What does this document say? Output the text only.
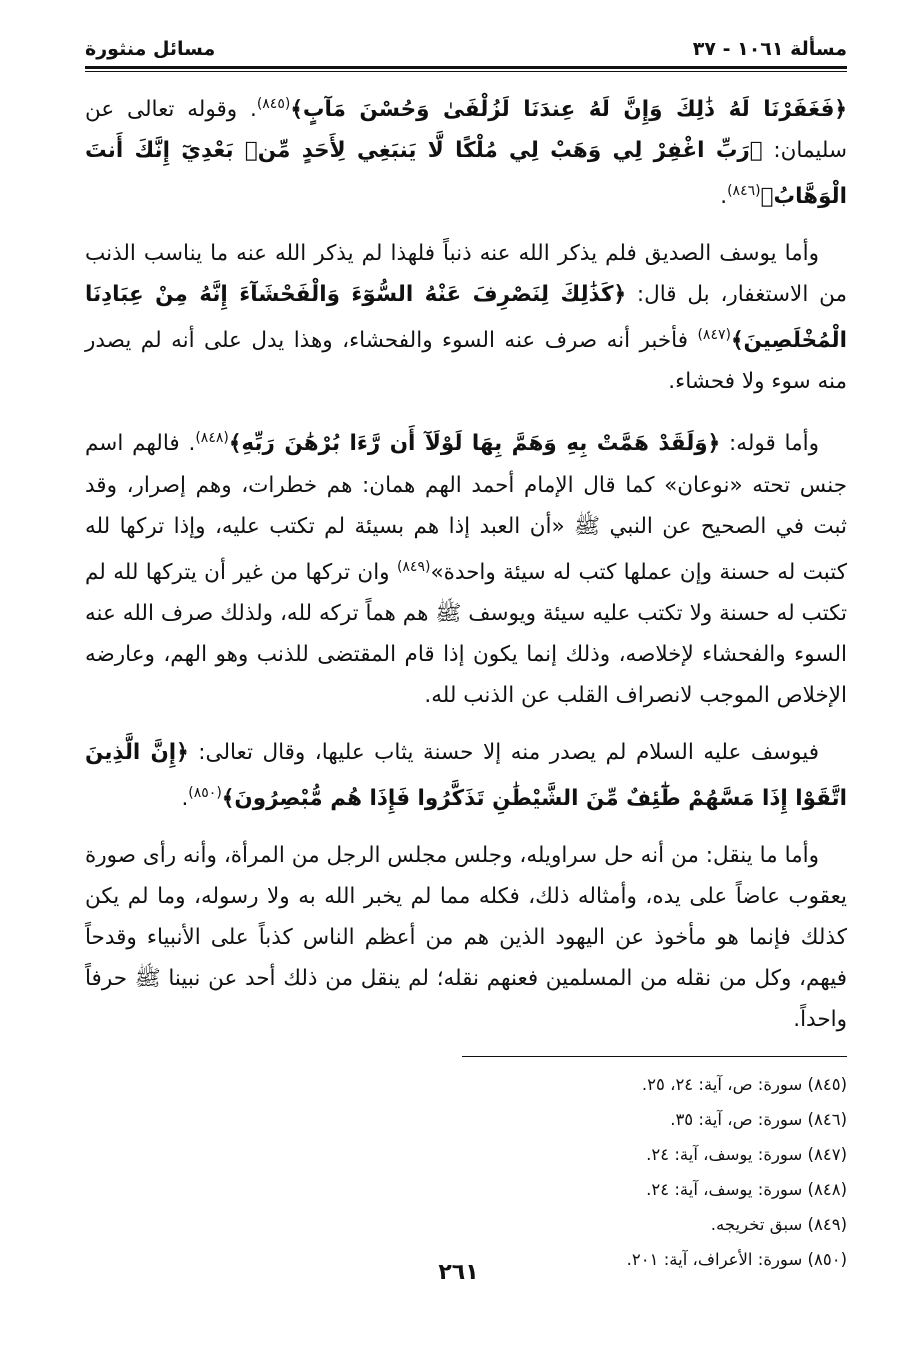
مسألة ١٠٦١ - ٣٧
مسائل منثورة

﴿فَغَفَرْنَا لَهُ ذَٰلِكَ وَإِنَّ لَهُ عِندَنَا لَزُلْفَىٰ وَحُسْنَ مَآبٍ﴾$^{(٨٤٥)}$. وقوله تعالى عن سليمان: ﴿رَبِّ اغْفِرْ لِي وَهَبْ لِي مُلْكًا لَّا يَنبَغِي لِأَحَدٍ مِّنۢ بَعْدِيٓ إِنَّكَ أَنتَ الْوَهَّابُ﴾$^{(٨٤٦)}$.

وأما يوسف الصديق فلم يذكر الله عنه ذنباً فلهذا لم يذكر الله عنه ما يناسب الذنب من الاستغفار، بل قال: ﴿كَذَٰلِكَ لِنَصْرِفَ عَنْهُ السُّوٓءَ وَالْفَحْشَآءَ إِنَّهُ مِنْ عِبَادِنَا الْمُخْلَصِينَ﴾$^{(٨٤٧)}$ فأخبر أنه صرف عنه السوء والفحشاء، وهذا يدل على أنه لم يصدر منه سوء ولا فحشاء.

وأما قوله: ﴿وَلَقَدْ هَمَّتْ بِهِ وَهَمَّ بِهَا لَوْلَآ أَن رَّءَا بُرْهَٰنَ رَبِّهِ﴾$^{(٨٤٨)}$. فالهم اسم جنس تحته «نوعان» كما قال الإمام أحمد الهم همان: هم خطرات، وهم إصرار، وقد ثبت في الصحيح عن النبي ﷺ «أن العبد إذا هم بسيئة لم تكتب عليه، وإذا تركها لله كتبت له حسنة وإن عملها كتب له سيئة واحدة»$^{(٨٤٩)}$ وان تركها من غير أن يتركها لله لم تكتب له حسنة ولا تكتب عليه سيئة ويوسف ﷺ هم هماً تركه لله، ولذلك صرف الله عنه السوء والفحشاء لإخلاصه، وذلك إنما يكون إذا قام المقتضى للذنب وهو الهم، وعارضه الإخلاص الموجب لانصراف القلب عن الذنب لله.

فيوسف عليه السلام لم يصدر منه إلا حسنة يثاب عليها، وقال تعالى: ﴿إِنَّ الَّذِينَ اتَّقَوْا إِذَا مَسَّهُمْ طَٰٓئِفٌ مِّنَ الشَّيْطَٰنِ تَذَكَّرُوا فَإِذَا هُم مُّبْصِرُونَ﴾$^{(٨٥٠)}$.

وأما ما ينقل: من أنه حل سراويله، وجلس مجلس الرجل من المرأة، وأنه رأى صورة يعقوب عاضاً على يده، وأمثاله ذلك، فكله مما لم يخبر الله به ولا رسوله، وما لم يكن كذلك فإنما هو مأخوذ عن اليهود الذين هم من أعظم الناس كذباً على الأنبياء وقدحاً فيهم، وكل من نقله من المسلمين فعنهم نقله؛ لم ينقل من ذلك أحد عن نبينا ﷺ حرفاً واحداً.

(٨٤٥) سورة: ص، آية: ٢٤، ٢٥.

(٨٤٦) سورة: ص، آية: ٣٥.

(٨٤٧) سورة: يوسف، آية: ٢٤.

(٨٤٨) سورة: يوسف، آية: ٢٤.

(٨٤٩) سبق تخريجه.

(٨٥٠) سورة: الأعراف، آية: ٢٠١.

٢٦١
